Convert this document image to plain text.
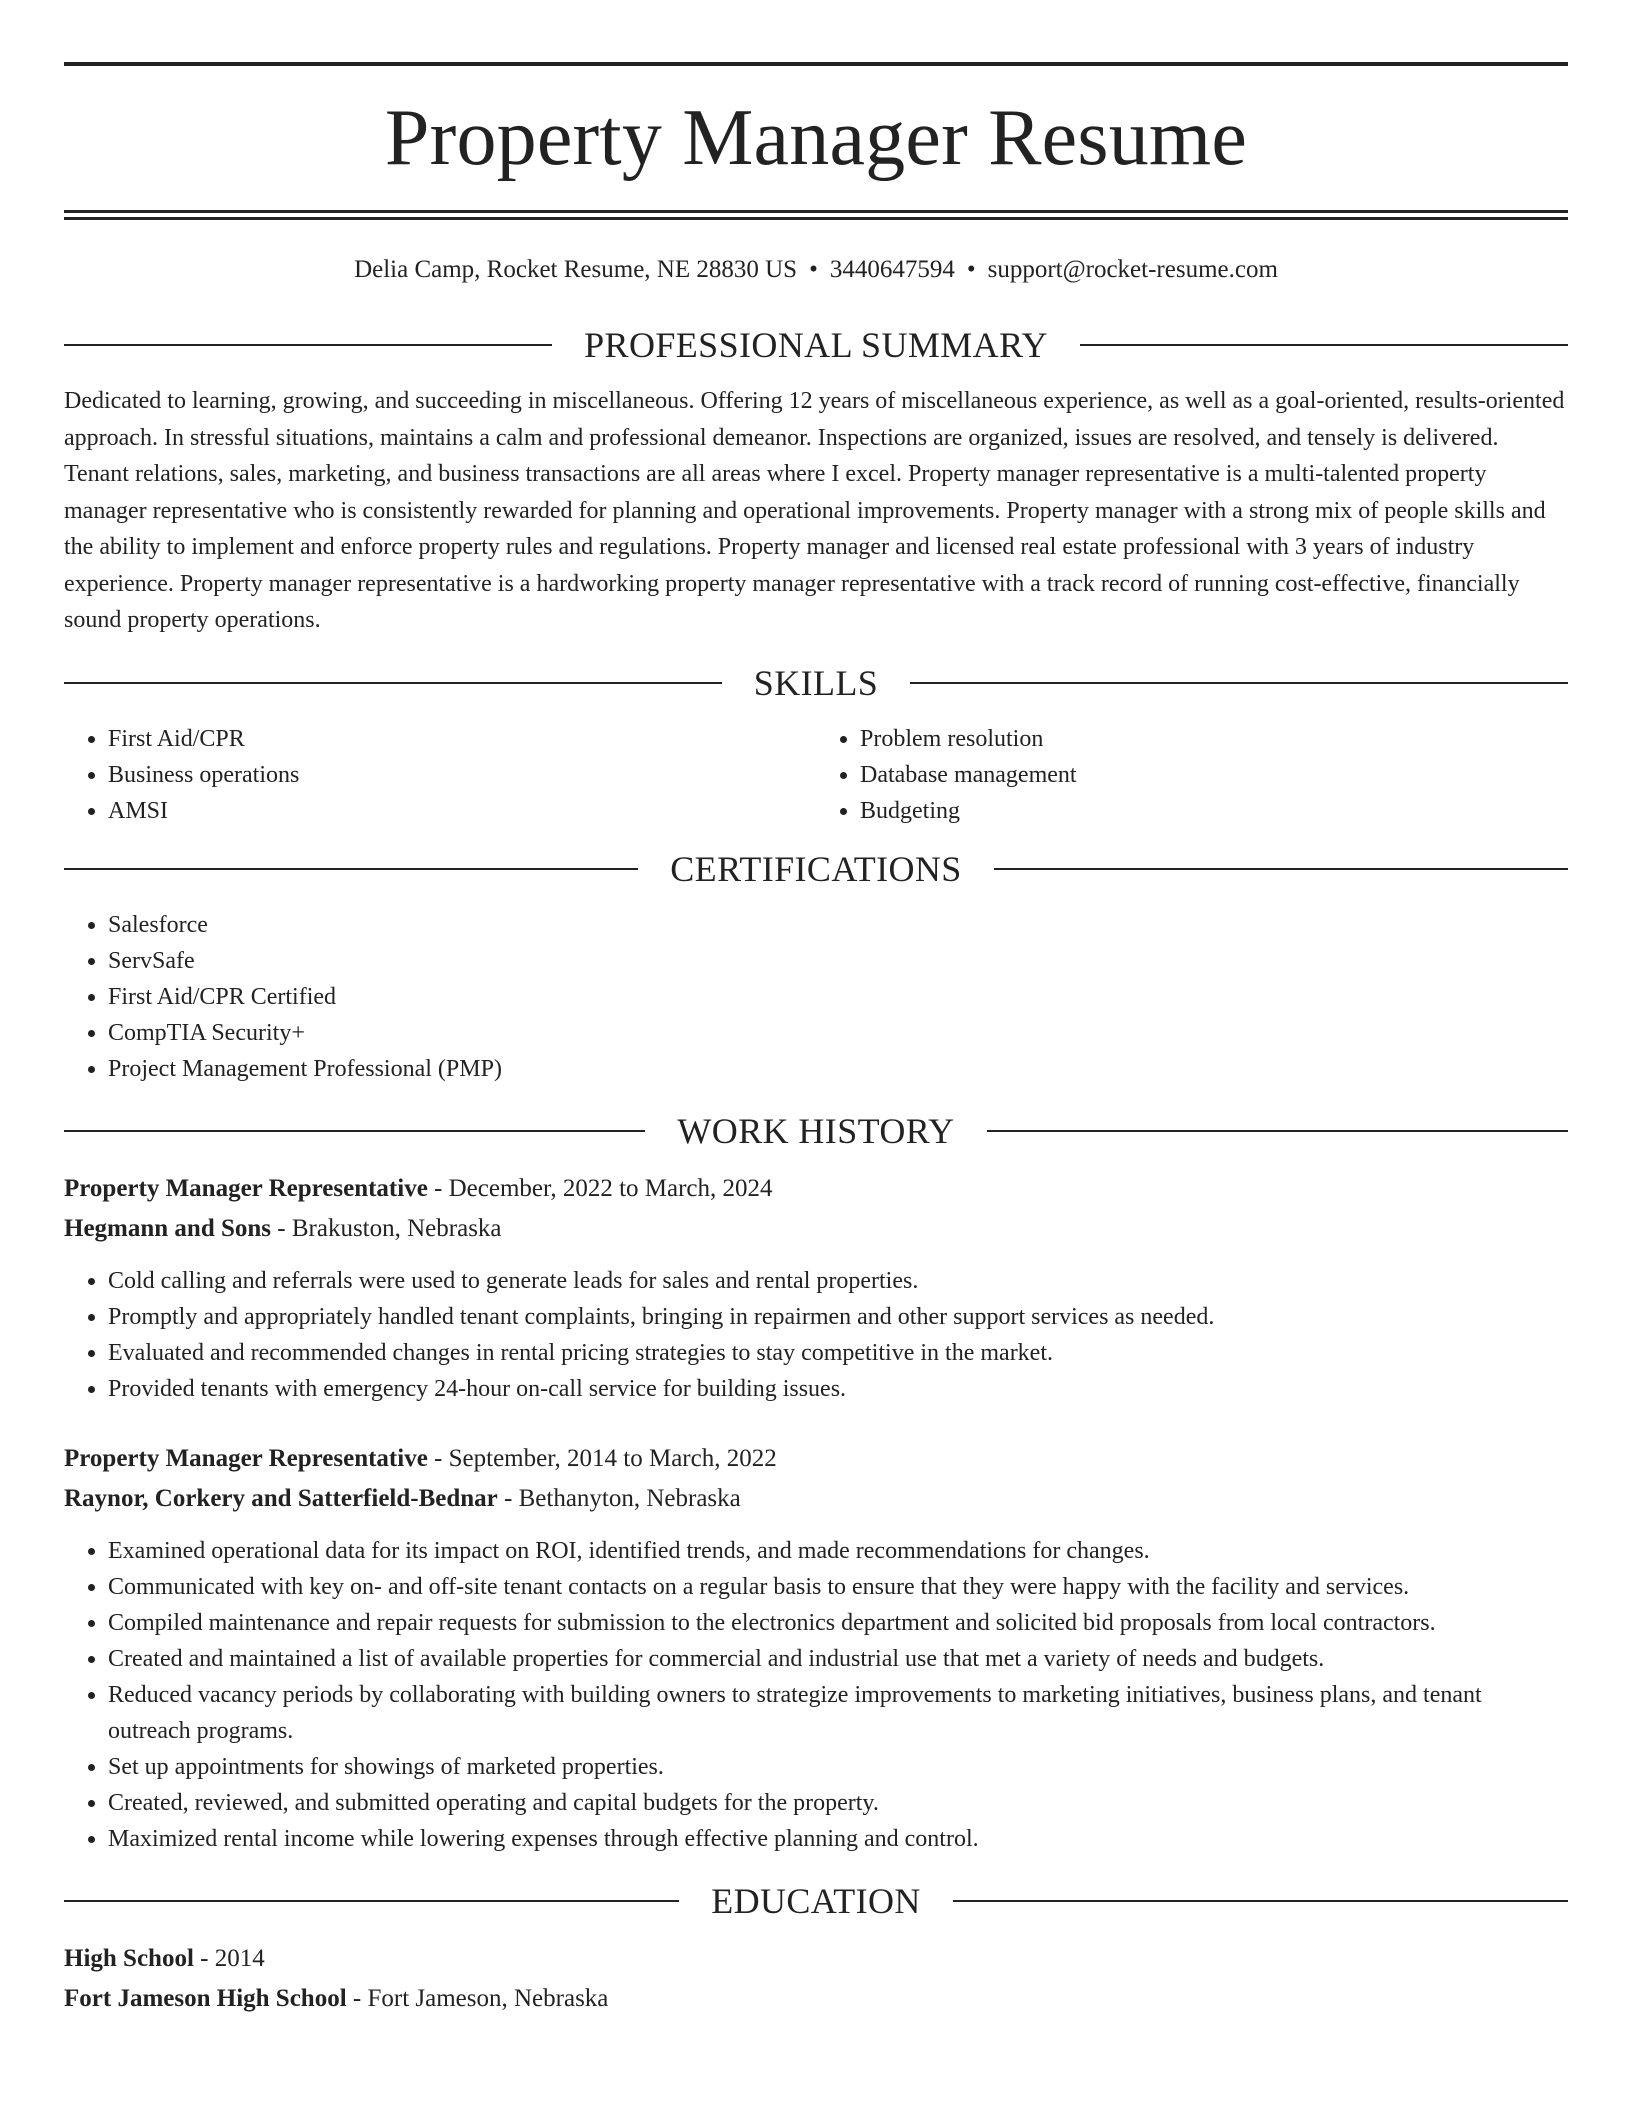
Property Manager Resume
Delia Camp, Rocket Resume, NE 28830 US • 3440647594 • support@rocket-resume.com
PROFESSIONAL SUMMARY

Dedicated to learning, growing, and succeeding in miscellaneous. Offering 12 years of miscellaneous experience, as well as a goal-oriented, results-oriented approach. In stressful situations, maintains a calm and professional demeanor. Inspections are organized, issues are resolved, and tensely is delivered. Tenant relations, sales, marketing, and business transactions are all areas where I excel. Property manager representative is a multi-talented property manager representative who is consistently rewarded for planning and operational improvements. Property manager with a strong mix of people skills and the ability to implement and enforce property rules and regulations. Property manager and licensed real estate professional with 3 years of industry experience. Property manager representative is a hardworking property manager representative with a track record of running cost-effective, financially sound property operations.

SKILLS
• First Aid/CPR
• Business operations
• AMSI
• Problem resolution
• Database management
• Budgeting
CERTIFICATIONS
• Salesforce
• ServSafe
• First Aid/CPR Certified
• CompTIA Security+
• Project Management Professional (PMP)
WORK HISTORY
Property Manager Representative - December, 2022 to March, 2024
Hegmann and Sons - Brakuston, Nebraska
• Cold calling and referrals were used to generate leads for sales and rental properties.
• Promptly and appropriately handled tenant complaints, bringing in repairmen and other support services as needed.
• Evaluated and recommended changes in rental pricing strategies to stay competitive in the market.
• Provided tenants with emergency 24-hour on-call service for building issues.
Property Manager Representative - September, 2014 to March, 2022
Raynor, Corkery and Satterfield-Bednar - Bethanyton, Nebraska
• Examined operational data for its impact on ROI, identified trends, and made recommendations for changes.
• Communicated with key on- and off-site tenant contacts on a regular basis to ensure that they were happy with the facility and services.
• Compiled maintenance and repair requests for submission to the electronics department and solicited bid proposals from local contractors.
• Created and maintained a list of available properties for commercial and industrial use that met a variety of needs and budgets.
• Reduced vacancy periods by collaborating with building owners to strategize improvements to marketing initiatives, business plans, and tenant outreach programs.
• Set up appointments for showings of marketed properties.
• Created, reviewed, and submitted operating and capital budgets for the property.
• Maximized rental income while lowering expenses through effective planning and control.
EDUCATION
High School - 2014
Fort Jameson High School - Fort Jameson, Nebraska
